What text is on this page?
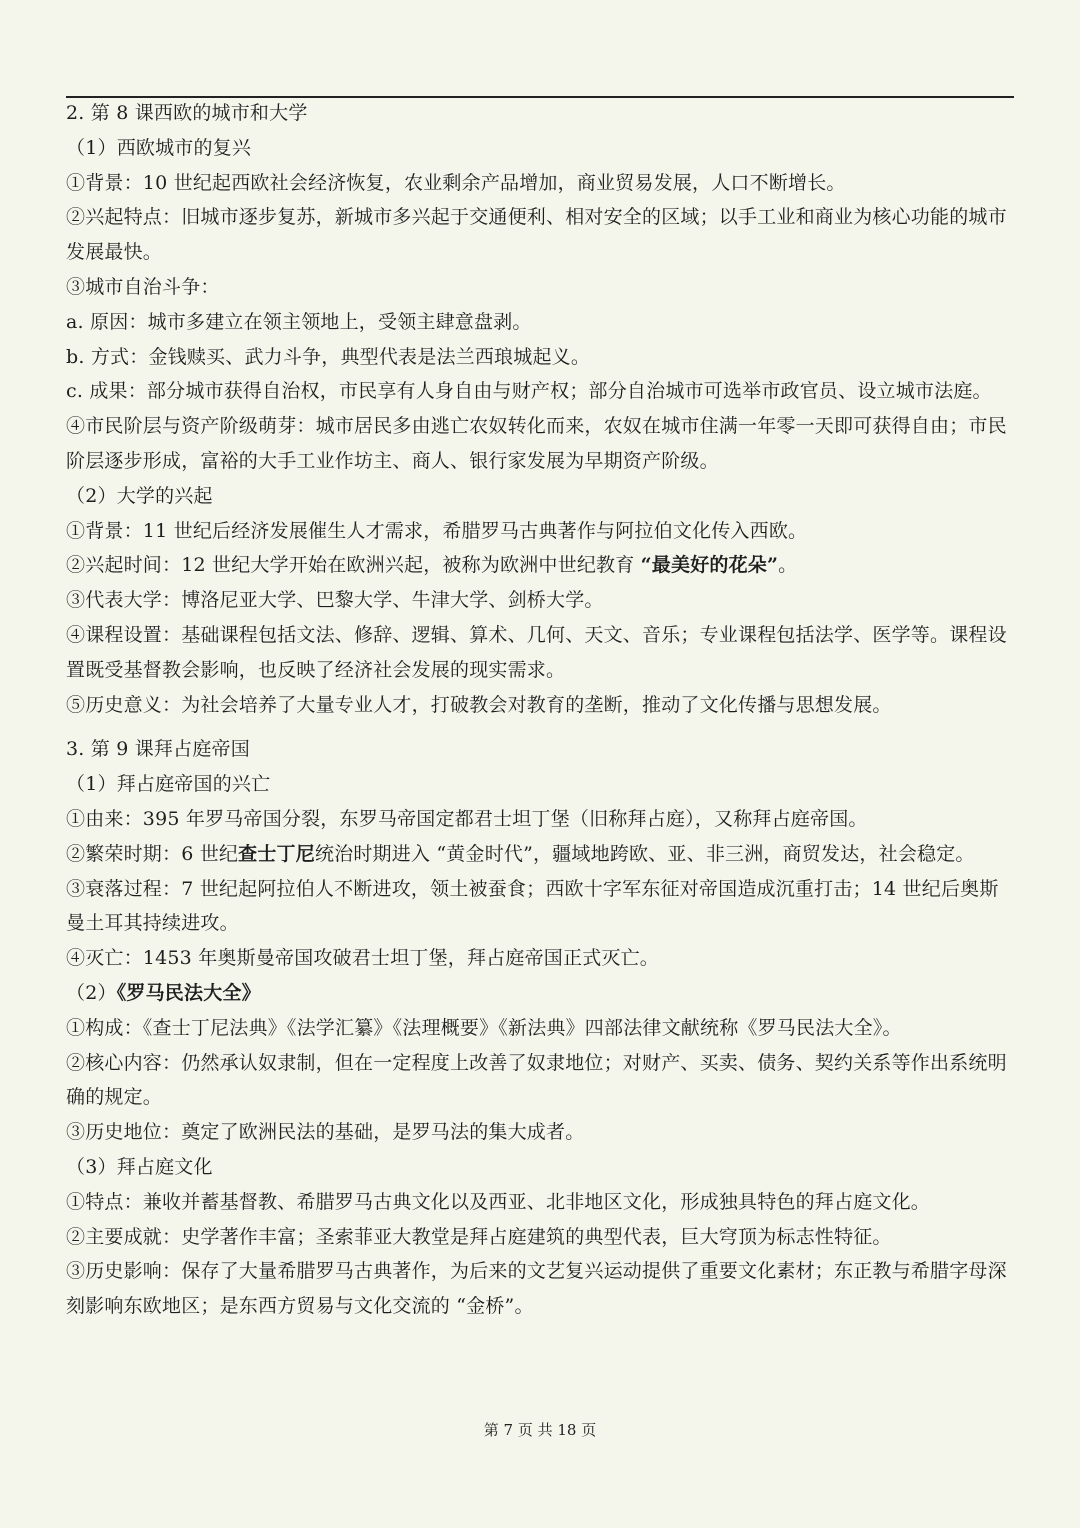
2. 第 8 课西欧的城市和大学
（1）西欧城市的复兴
①背景：10 世纪起西欧社会经济恢复，农业剩余产品增加，商业贸易发展，人口不断增长。
②兴起特点：旧城市逐步复苏，新城市多兴起于交通便利、相对安全的区域；以手工业和商业为核心功能的城市发展最快。
③城市自治斗争：
a. 原因：城市多建立在领主领地上，受领主肆意盘剥。
b. 方式：金钱赎买、武力斗争，典型代表是法兰西琅城起义。
c. 成果：部分城市获得自治权，市民享有人身自由与财产权；部分自治城市可选举市政官员、设立城市法庭。
④市民阶层与资产阶级萌芽：城市居民多由逃亡农奴转化而来，农奴在城市住满一年零一天即可获得自由；市民阶层逐步形成，富裕的大手工业作坊主、商人、银行家发展为早期资产阶级。
（2）大学的兴起
①背景：11 世纪后经济发展催生人才需求，希腊罗马古典著作与阿拉伯文化传入西欧。
②兴起时间：12 世纪大学开始在欧洲兴起，被称为欧洲中世纪教育 “最美好的花朵”。
③代表大学：博洛尼亚大学、巴黎大学、牛津大学、剑桥大学。
④课程设置：基础课程包括文法、修辞、逻辑、算术、几何、天文、音乐；专业课程包括法学、医学等。课程设置既受基督教会影响，也反映了经济社会发展的现实需求。
⑤历史意义：为社会培养了大量专业人才，打破教会对教育的垄断，推动了文化传播与思想发展。
3. 第 9 课拜占庭帝国
（1）拜占庭帝国的兴亡
①由来：395 年罗马帝国分裂，东罗马帝国定都君士坦丁堡（旧称拜占庭），又称拜占庭帝国。
②繁荣时期：6 世纪查士丁尼统治时期进入 “黄金时代”，疆域地跨欧、亚、非三洲，商贸发达，社会稳定。
③衰落过程：7 世纪起阿拉伯人不断进攻，领土被蚕食；西欧十字军东征对帝国造成沉重打击；14 世纪后奥斯曼土耳其持续进攻。
④灭亡：1453 年奥斯曼帝国攻破君士坦丁堡，拜占庭帝国正式灭亡。
（2）《罗马民法大全》
①构成：《查士丁尼法典》《法学汇纂》《法理概要》《新法典》四部法律文献统称《罗马民法大全》。
②核心内容：仍然承认奴隶制，但在一定程度上改善了奴隶地位；对财产、买卖、债务、契约关系等作出系统明确的规定。
③历史地位：奠定了欧洲民法的基础，是罗马法的集大成者。
（3）拜占庭文化
①特点：兼收并蓄基督教、希腊罗马古典文化以及西亚、北非地区文化，形成独具特色的拜占庭文化。
②主要成就：史学著作丰富；圣索菲亚大教堂是拜占庭建筑的典型代表，巨大穹顶为标志性特征。
③历史影响：保存了大量希腊罗马古典著作，为后来的文艺复兴运动提供了重要文化素材；东正教与希腊字母深刻影响东欧地区；是东西方贸易与文化交流的 “金桥”。
第 7 页 共 18 页
